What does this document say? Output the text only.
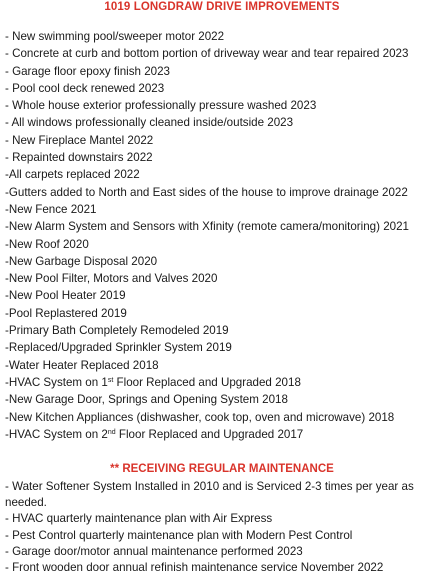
1019 LONGDRAW DRIVE IMPROVEMENTS
- New swimming pool/sweeper motor 2022
- Concrete at curb and bottom portion of driveway wear and tear repaired 2023
- Garage floor epoxy finish 2023
- Pool cool deck renewed 2023
- Whole house exterior professionally pressure washed 2023
- All windows professionally cleaned inside/outside 2023
- New Fireplace Mantel 2022
- Repainted downstairs 2022
-All carpets replaced 2022
-Gutters added to North and East sides of the house to improve drainage 2022
-New Fence 2021
-New Alarm System and Sensors with Xfinity (remote camera/monitoring) 2021
-New Roof 2020
-New Garbage Disposal 2020
-New Pool Filter, Motors and Valves 2020
-New Pool Heater 2019
-Pool Replastered 2019
-Primary Bath Completely Remodeled 2019
-Replaced/Upgraded Sprinkler System 2019
-Water Heater Replaced 2018
-HVAC System on 1st Floor Replaced and Upgraded 2018
-New Garage Door, Springs and Opening System 2018
-New Kitchen Appliances (dishwasher, cook top, oven and microwave) 2018
-HVAC System on 2nd Floor Replaced and Upgraded 2017
** RECEIVING REGULAR MAINTENANCE
- Water Softener System Installed in 2010 and is Serviced 2-3 times per year as needed.
- HVAC quarterly maintenance plan with Air Express
- Pest Control quarterly maintenance plan with Modern Pest Control
- Garage door/motor annual maintenance performed 2023
- Front wooden door annual refinish maintenance service November 2022
